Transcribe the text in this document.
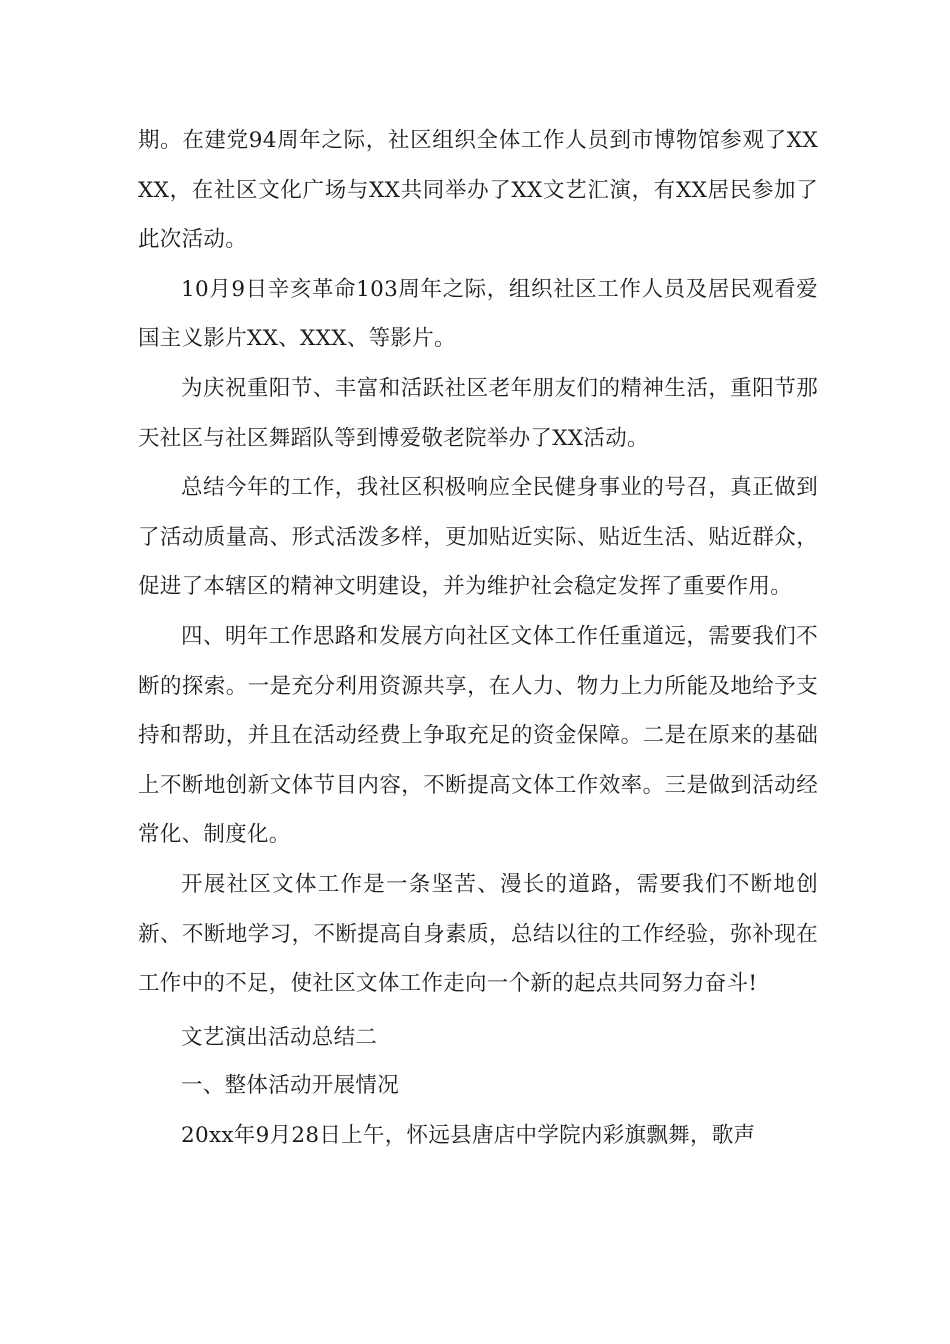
期。在建党94周年之际，社区组织全体工作人员到市博物馆参观了XXXX，在社区文化广场与XX共同举办了XX文艺汇演，有XX居民参加了此次活动。

10月9日辛亥革命103周年之际，组织社区工作人员及居民观看爱国主义影片XX、XXX、等影片。

为庆祝重阳节、丰富和活跃社区老年朋友们的精神生活，重阳节那天社区与社区舞蹈队等到博爱敬老院举办了XX活动。

总结今年的工作，我社区积极响应全民健身事业的号召，真正做到了活动质量高、形式活泼多样，更加贴近实际、贴近生活、贴近群众，促进了本辖区的精神文明建设，并为维护社会稳定发挥了重要作用。

四、明年工作思路和发展方向社区文体工作任重道远，需要我们不断的探索。一是充分利用资源共享，在人力、物力上力所能及地给予支持和帮助，并且在活动经费上争取充足的资金保障。二是在原来的基础上不断地创新文体节目内容，不断提高文体工作效率。三是做到活动经常化、制度化。

开展社区文体工作是一条坚苦、漫长的道路，需要我们不断地创新、不断地学习，不断提高自身素质，总结以往的工作经验，弥补现在工作中的不足，使社区文体工作走向一个新的起点共同努力奋斗!

文艺演出活动总结二

一、整体活动开展情况

20xx年9月28日上午，怀远县唐店中学院内彩旗飘舞，歌声
